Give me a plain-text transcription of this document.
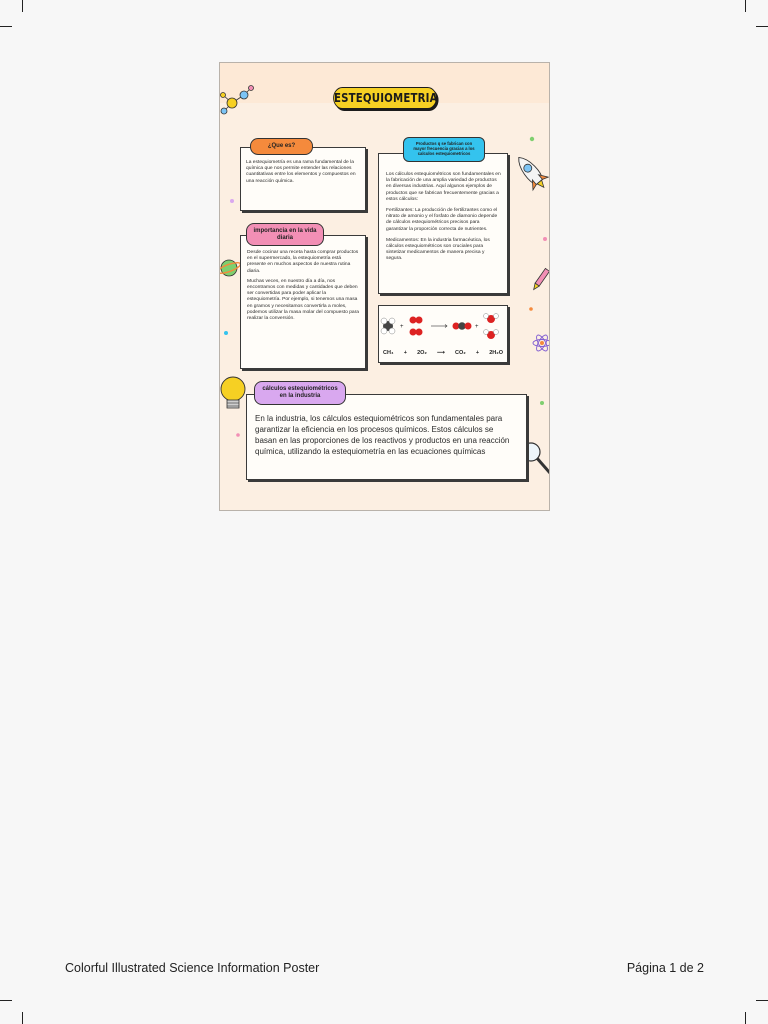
ESTEQUIOMETRIA

La estequiometría es una rama fundamental de la química que nos permite entender las relaciones cuantitativas entre los elementos y compuestos en una reacción química.

¿Que es?

Desde cocinar una receta hasta comprar productos en el supermercado, la estequiometría está presente en muchos aspectos de nuestra rutina diaria.

Muchas veces, en nuestro día a día, nos encontramos con medidas y cantidades que deben ser convertidas para poder aplicar la estequiometría. Por ejemplo, si tenemos una masa en gramos y necesitamos convertirla a moles, podemos utilizar la masa molar del compuesto para realizar la conversión.

importancia en la vida diaria

Los cálculos estequiométricos son fundamentales en la fabricación de una amplia variedad de productos en diversas industrias. Aquí algunos ejemplos de productos que se fabrican frecuentemente gracias a estos cálculos:

Fertilizantes: La producción de fertilizantes como el nitrato de amonio y el fosfato de diamonio depende de cálculos estequiométricos precisos para garantizar la proporción correcta de nutrientes.

Medicamentos: En la industria farmacéutica, los cálculos estequiométricos son cruciales para sintetizar medicamentos de manera precisa y segura.

Productos q se fabrican con mayor frecuencia gracias a los calculos estequiometricos
+	+
CH₄ + 2O₂ ⟶ CO₂ + 2H₂O

En la industria, los cálculos estequiométricos son fundamentales para garantizar la eficiencia en los procesos químicos. Estos cálculos se basan en las proporciones de los reactivos y productos en una reacción química, utilizando la estequiometría en las ecuaciones químicas

cálculos estequiométricos en la industria
Colorful Illustrated Science Information Poster	Página 1 de 2
